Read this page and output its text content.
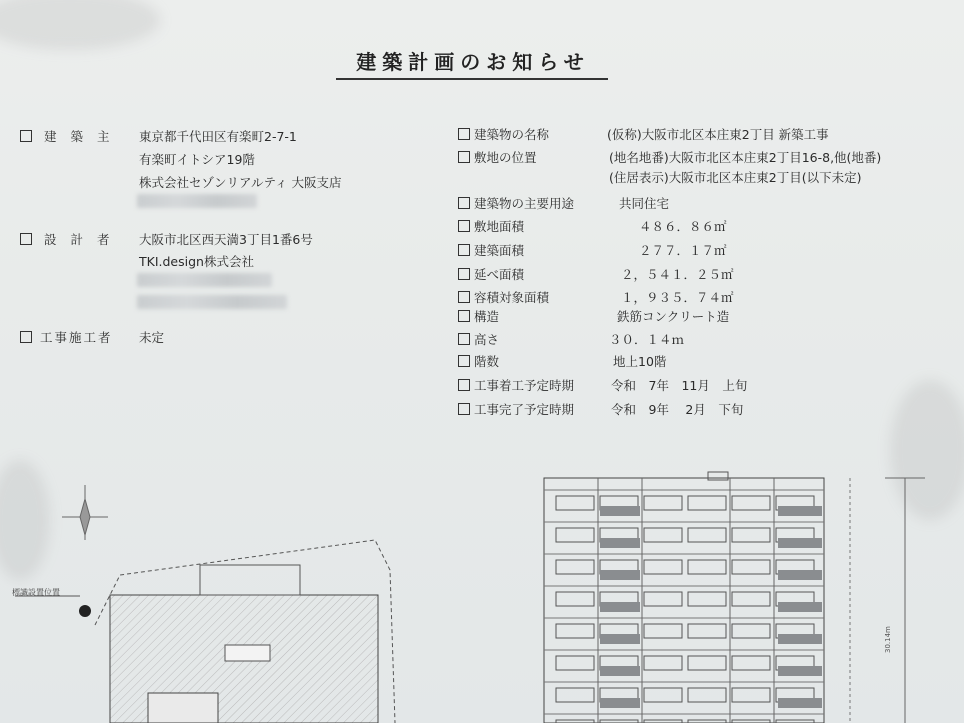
建築計画のお知らせ
建築主 東京都千代田区有楽町2-7-1
有楽町イトシア19階
株式会社セゾンリアルティ 大阪支店
設計者 大阪市北区西天満3丁目1番6号
TKI.design株式会社
工事施工者 未定
建築物の名称	(仮称)大阪市北区本庄東2丁目 新築工事
敷地の位置	(地名地番)大阪市北区本庄東2丁目16-8,他(地番)
(住居表示)大阪市北区本庄東2丁目(以下未定)
建築物の主要用途	共同住宅
敷地面積	４８６．８６㎡
建築面積	２７７．１７㎡
延べ面積	２，５４１．２５㎡
容積対象面積	１，９３５．７４㎡
構造	鉄筋コンクリート造
高さ	３０．１４ｍ
階数	地上10階
工事着工予定時期	令和　7年　11月　上旬
工事完了予定時期	令和　9年　 2月　下旬
標識設置位置
30.14m
